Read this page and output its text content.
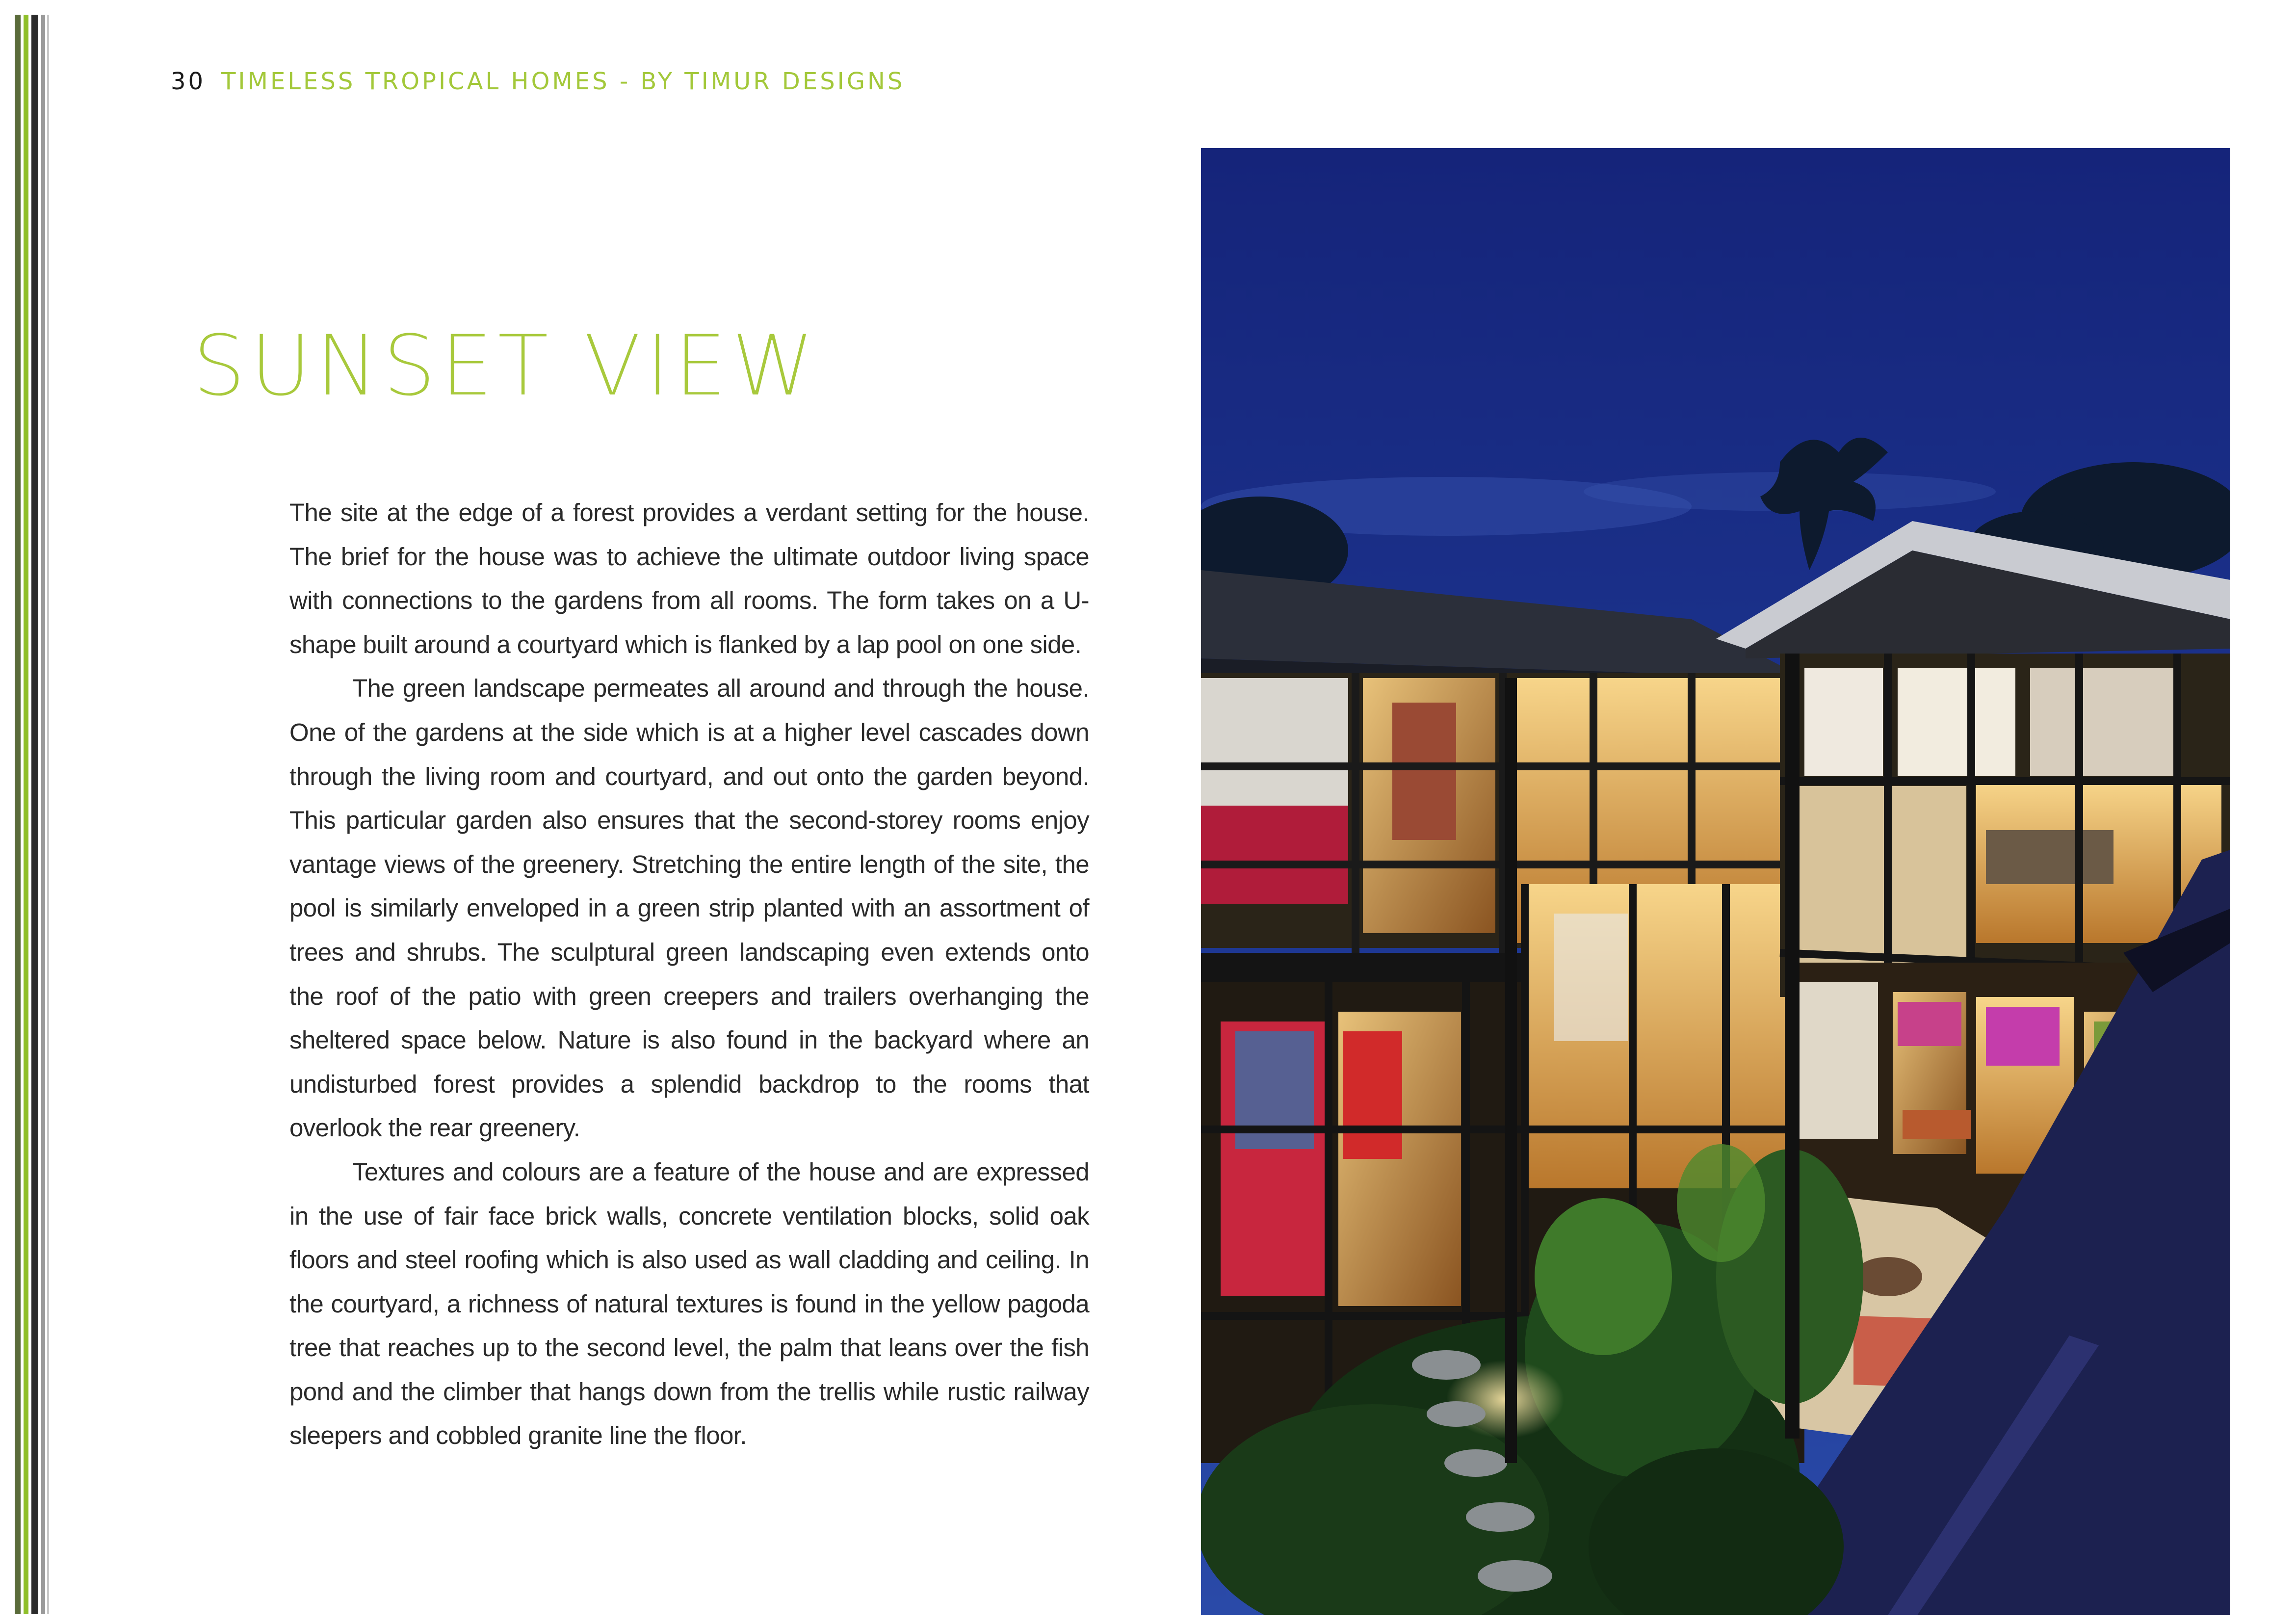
30 TIMELESS TROPICAL HOMES - BY TIMUR DESIGNS
SUNSET VIEW

The site at the edge of a forest provides a verdant setting for the house. The brief for the house was to achieve the ultimate outdoor living space with connections to the gardens from all rooms. The form takes on a U-shape built around a courtyard which is flanked by a lap pool on one side.

The green landscape permeates all around and through the house. One of the gardens at the side which is at a higher level cascades down through the living room and courtyard, and out onto the garden beyond. This particular garden also ensures that the second-storey rooms enjoy vantage views of the greenery. Stretching the entire length of the site, the pool is similarly enveloped in a green strip planted with an assortment of trees and shrubs. The sculptural green landscaping even extends onto the roof of the patio with green creepers and trailers overhanging the sheltered space below. Nature is also found in the backyard where an undisturbed forest provides a splendid backdrop to the rooms that overlook the rear greenery.

Textures and colours are a feature of the house and are expressed in the use of fair face brick walls, concrete ventilation blocks, solid oak floors and steel roofing which is also used as wall cladding and ceiling. In the courtyard, a richness of natural textures is found in the yellow pagoda tree that reaches up to the second level, the palm that leans over the fish pond and the climber that hangs down from the trellis while rustic railway sleepers and cobbled granite line the floor.
